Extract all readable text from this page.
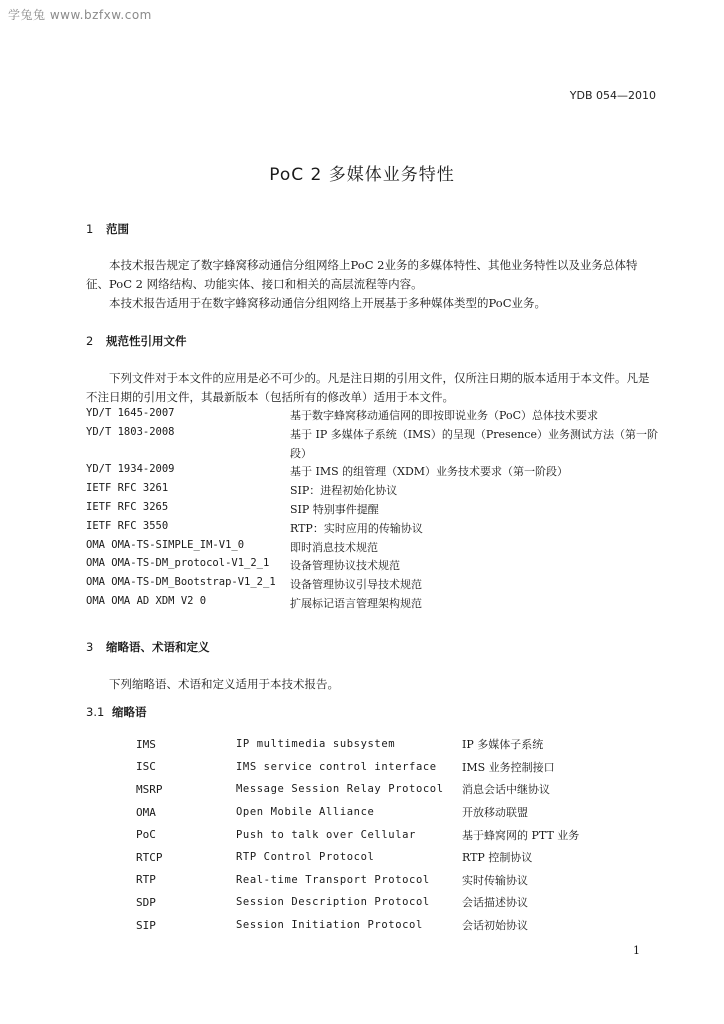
学兔兔 www.bzfxw.com
YDB 054—2010
PoC 2 多媒体业务特性
1 范围
本技术报告规定了数字蜂窝移动通信分组网络上PoC 2业务的多媒体特性、其他业务特性以及业务总体特征、PoC 2 网络结构、功能实体、接口和相关的高层流程等内容。
本技术报告适用于在数字蜂窝移动通信分组网络上开展基于多种媒体类型的PoC业务。
2 规范性引用文件
下列文件对于本文件的应用是必不可少的。凡是注日期的引用文件，仅所注日期的版本适用于本文件。凡是不注日期的引用文件，其最新版本（包括所有的修改单）适用于本文件。
YD/T 1645-2007	基于数字蜂窝移动通信网的即按即说业务（PoC）总体技术要求
YD/T 1803-2008	基于 IP 多媒体子系统（IMS）的呈现（Presence）业务测试方法（第一阶段）
YD/T 1934-2009	基于 IMS 的组管理（XDM）业务技术要求（第一阶段）
IETF RFC 3261	SIP：进程初始化协议
IETF RFC 3265	SIP 特别事件提醒
IETF RFC 3550	RTP：实时应用的传输协议
OMA OMA-TS-SIMPLE_IM-V1_0	即时消息技术规范
OMA OMA-TS-DM_protocol-V1_2_1	设备管理协议技术规范
OMA OMA-TS-DM_Bootstrap-V1_2_1	设备管理协议引导技术规范
OMA OMA AD XDM V2 0	扩展标记语言管理架构规范
3 缩略语、术语和定义
下列缩略语、术语和定义适用于本技术报告。
3.1 缩略语
IMS	IP multimedia subsystem	IP 多媒体子系统
ISC	IMS service control interface	IMS 业务控制接口
MSRP	Message Session Relay Protocol	消息会话中继协议
OMA	Open Mobile Alliance	开放移动联盟
PoC	Push to talk over Cellular	基于蜂窝网的 PTT 业务
RTCP	RTP Control Protocol	RTP 控制协议
RTP	Real-time Transport Protocol	实时传输协议
SDP	Session Description Protocol	会话描述协议
SIP	Session Initiation Protocol	会话初始协议
1
